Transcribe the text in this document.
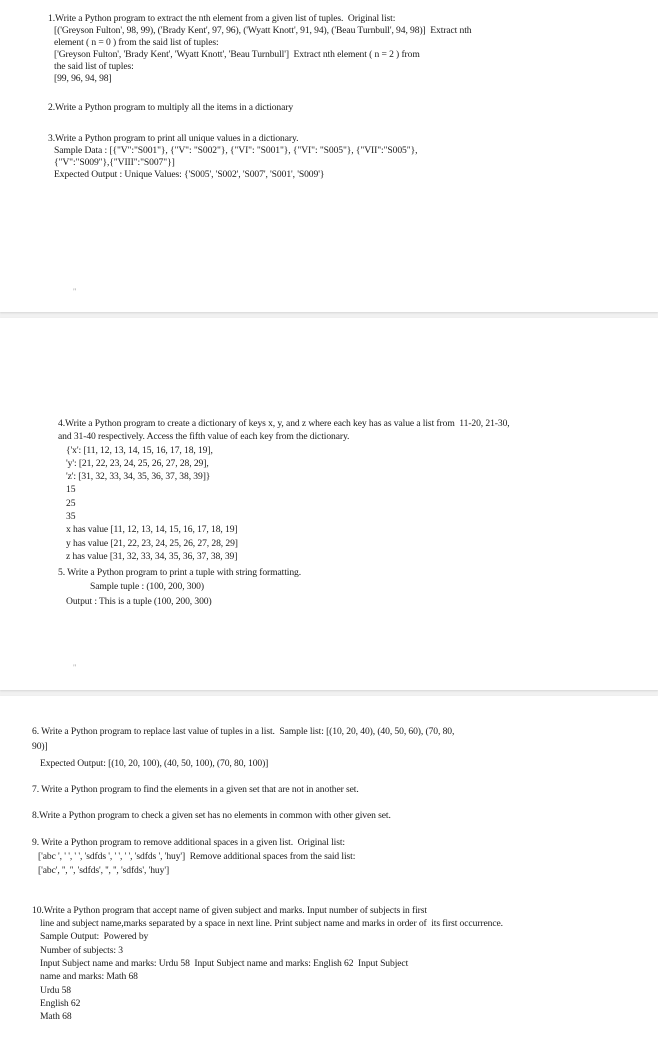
1.Write a Python program to extract the nth element from a given list of tuples.  Original list:
[('Greyson Fulton', 98, 99), ('Brady Kent', 97, 96), ('Wyatt Knott', 91, 94), ('Beau Turnbull', 94, 98)]  Extract nth
element ( n = 0 ) from the said list of tuples:
['Greyson Fulton', 'Brady Kent', 'Wyatt Knott', 'Beau Turnbull']  Extract nth element ( n = 2 ) from
the said list of tuples:
[99, 96, 94, 98]
2.Write a Python program to multiply all the items in a dictionary
3.Write a Python program to print all unique values in a dictionary.
Sample Data : [{"V":"S001"}, {"V": "S002"}, {"VI": "S001"}, {"VI": "S005"}, {"VII":"S005"},
{"V":"S009"},{"VIII":"S007"}]
Expected Output : Unique Values: {'S005', 'S002', 'S007', 'S001', 'S009'}
"
4.Write a Python program to create a dictionary of keys x, y, and z where each key has as value a list from  11-20, 21-30,
and 31-40 respectively. Access the fifth value of each key from the dictionary.
{'x': [11, 12, 13, 14, 15, 16, 17, 18, 19],
'y': [21, 22, 23, 24, 25, 26, 27, 28, 29],
'z': [31, 32, 33, 34, 35, 36, 37, 38, 39]}
15
25
35
x has value [11, 12, 13, 14, 15, 16, 17, 18, 19]
y has value [21, 22, 23, 24, 25, 26, 27, 28, 29]
z has value [31, 32, 33, 34, 35, 36, 37, 38, 39]
5. Write a Python program to print a tuple with string formatting.
Sample tuple : (100, 200, 300)
Output : This is a tuple (100, 200, 300)
"
6. Write a Python program to replace last value of tuples in a list.  Sample list: [(10, 20, 40), (40, 50, 60), (70, 80,
90)]
Expected Output: [(10, 20, 100), (40, 50, 100), (70, 80, 100)]
7. Write a Python program to find the elements in a given set that are not in another set.
8.Write a Python program to check a given set has no elements in common with other given set.
9. Write a Python program to remove additional spaces in a given list.  Original list:
['abc ', ' ', ' ', 'sdfds ', ' ', ' ', 'sdfds ', 'huy']  Remove additional spaces from the said list:
['abc', '', '', 'sdfds', '', '', 'sdfds', 'huy']
10.Write a Python program that accept name of given subject and marks. Input number of subjects in first
line and subject name,marks separated by a space in next line. Print subject name and marks in order of  its first occurrence.
Sample Output:  Powered by
Number of subjects: 3
Input Subject name and marks: Urdu 58  Input Subject name and marks: English 62  Input Subject
name and marks: Math 68
Urdu 58
English 62
Math 68
